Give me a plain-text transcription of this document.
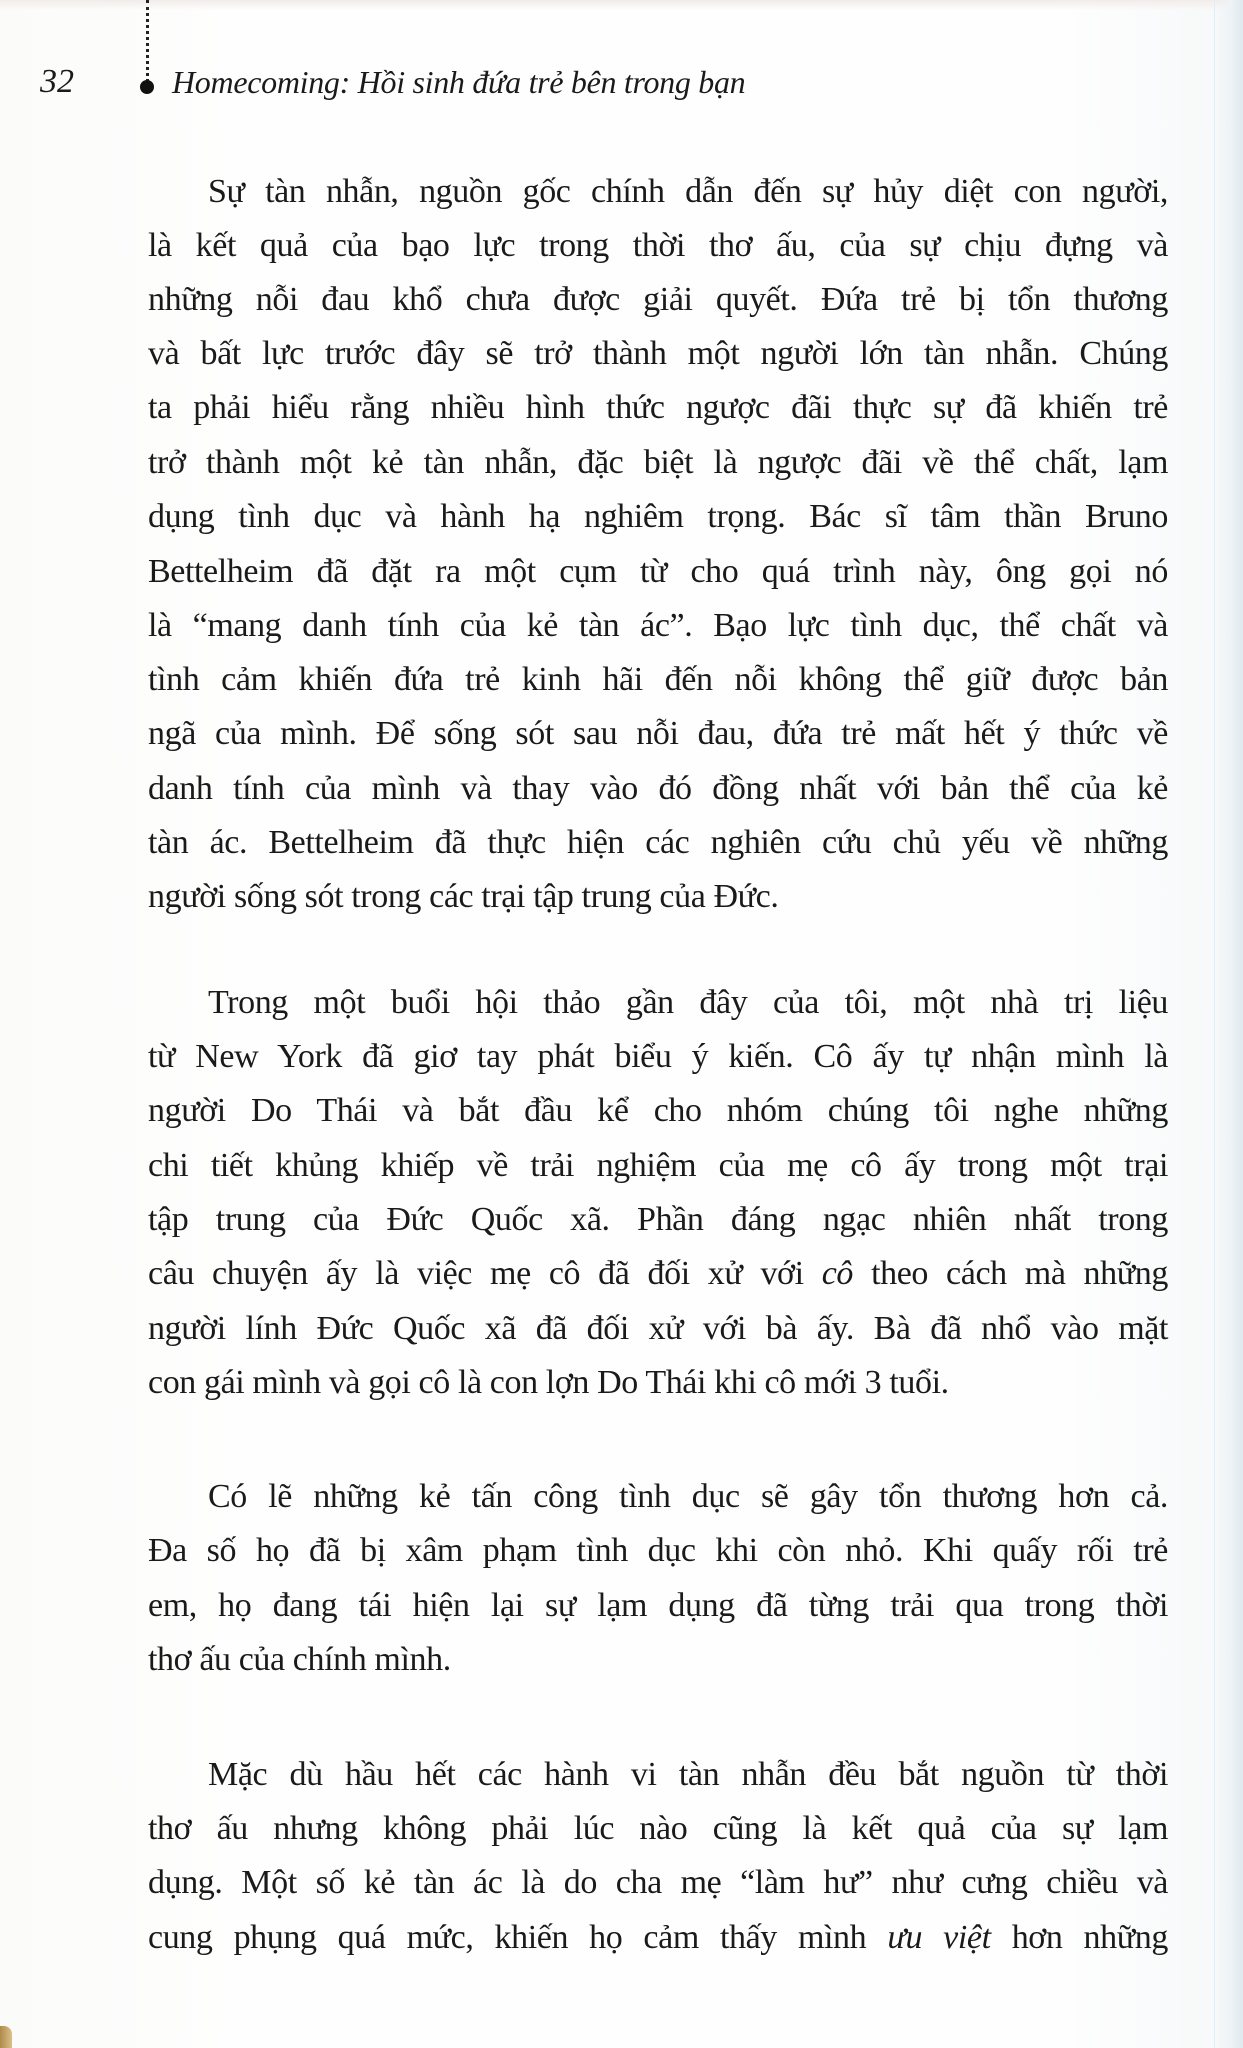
32	Homecoming: Hồi sinh đứa trẻ bên trong bạn
Sự tàn nhẫn, nguồn gốc chính dẫn đến sự hủy diệt con người,
là kết quả của bạo lực trong thời thơ ấu, của sự chịu đựng và
những nỗi đau khổ chưa được giải quyết. Đứa trẻ bị tổn thương
và bất lực trước đây sẽ trở thành một người lớn tàn nhẫn. Chúng
ta phải hiểu rằng nhiều hình thức ngược đãi thực sự đã khiến trẻ
trở thành một kẻ tàn nhẫn, đặc biệt là ngược đãi về thể chất, lạm
dụng tình dục và hành hạ nghiêm trọng. Bác sĩ tâm thần Bruno
Bettelheim đã đặt ra một cụm từ cho quá trình này, ông gọi nó
là “mang danh tính của kẻ tàn ác”. Bạo lực tình dục, thể chất và
tình cảm khiến đứa trẻ kinh hãi đến nỗi không thể giữ được bản
ngã của mình. Để sống sót sau nỗi đau, đứa trẻ mất hết ý thức về
danh tính của mình và thay vào đó đồng nhất với bản thể của kẻ
tàn ác. Bettelheim đã thực hiện các nghiên cứu chủ yếu về những
người sống sót trong các trại tập trung của Đức.
Trong một buổi hội thảo gần đây của tôi, một nhà trị liệu
từ New York đã giơ tay phát biểu ý kiến. Cô ấy tự nhận mình là
người Do Thái và bắt đầu kể cho nhóm chúng tôi nghe những
chi tiết khủng khiếp về trải nghiệm của mẹ cô ấy trong một trại
tập trung của Đức Quốc xã. Phần đáng ngạc nhiên nhất trong
câu chuyện ấy là việc mẹ cô đã đối xử với cô theo cách mà những
người lính Đức Quốc xã đã đối xử với bà ấy. Bà đã nhổ vào mặt
con gái mình và gọi cô là con lợn Do Thái khi cô mới 3 tuổi.
Có lẽ những kẻ tấn công tình dục sẽ gây tổn thương hơn cả.
Đa số họ đã bị xâm phạm tình dục khi còn nhỏ. Khi quấy rối trẻ
em, họ đang tái hiện lại sự lạm dụng đã từng trải qua trong thời
thơ ấu của chính mình.
Mặc dù hầu hết các hành vi tàn nhẫn đều bắt nguồn từ thời
thơ ấu nhưng không phải lúc nào cũng là kết quả của sự lạm
dụng. Một số kẻ tàn ác là do cha mẹ “làm hư” như cưng chiều và
cung phụng quá mức, khiến họ cảm thấy mình ưu việt hơn những
